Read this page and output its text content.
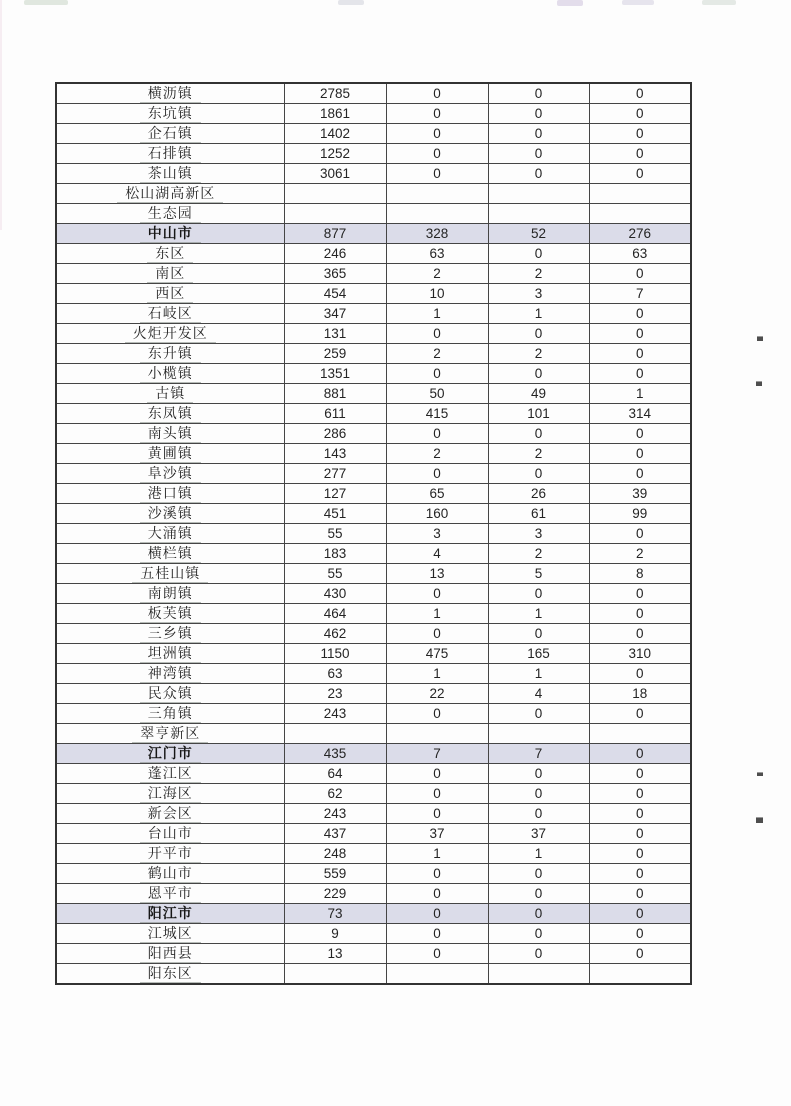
横沥镇	2785	0	0	0
东坑镇	1861	0	0	0
企石镇	1402	0	0	0
石排镇	1252	0	0	0
茶山镇	3061	0	0	0
松山湖高新区				
生态园				
中山市	877	328	52	276
东区	246	63	0	63
南区	365	2	2	0
西区	454	10	3	7
石岐区	347	1	1	0
火炬开发区	131	0	0	0
东升镇	259	2	2	0
小榄镇	1351	0	0	0
古镇	881	50	49	1
东凤镇	611	415	101	314
南头镇	286	0	0	0
黄圃镇	143	2	2	0
阜沙镇	277	0	0	0
港口镇	127	65	26	39
沙溪镇	451	160	61	99
大涌镇	55	3	3	0
横栏镇	183	4	2	2
五桂山镇	55	13	5	8
南朗镇	430	0	0	0
板芙镇	464	1	1	0
三乡镇	462	0	0	0
坦洲镇	1150	475	165	310
神湾镇	63	1	1	0
民众镇	23	22	4	18
三角镇	243	0	0	0
翠亨新区				
江门市	435	7	7	0
蓬江区	64	0	0	0
江海区	62	0	0	0
新会区	243	0	0	0
台山市	437	37	37	0
开平市	248	1	1	0
鹤山市	559	0	0	0
恩平市	229	0	0	0
阳江市	73	0	0	0
江城区	9	0	0	0
阳西县	13	0	0	0
阳东区				
